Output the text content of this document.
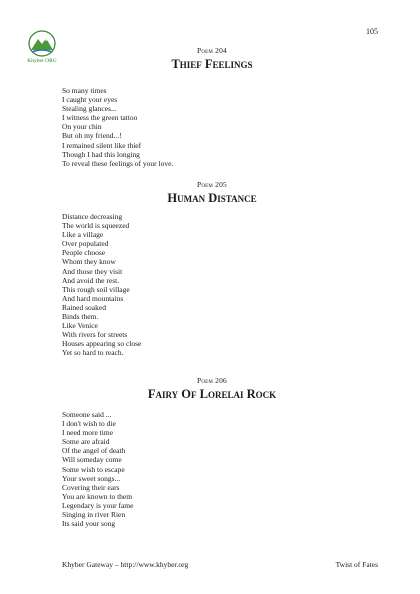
105
Khyber ORG
Poem 204
Thief Feelings
So many times
I caught your eyes
Stealing glances...
I witness the green tattoo
On your chin
But oh my friend...!
I remained silent like thief
Though I had this longing
To reveal these feelings of your love.
Poem 205
Human Distance
Distance decreasing
The world is squeezed
Like a village
Over populated
People choose
Whom they know
And those they visit
And avoid the rest.
This rough soil village
And hard mountains
Rained soaked
Binds them.
Like Venice
With rivers for streets
Houses appearing so close
Yet so hard to reach.
Poem 206
Fairy Of Lorelai Rock
Someone said ...
I don't wish to die
I need more time
Some are afraid
Of the angel of death
Will someday come
Some wish to escape
Your sweet songs...
Covering their ears
You are known to them
Legendary is your fame
Singing in river Rien
Its said your song
Khyber Gateway – http://www.khyber.org	Twist of Fates
